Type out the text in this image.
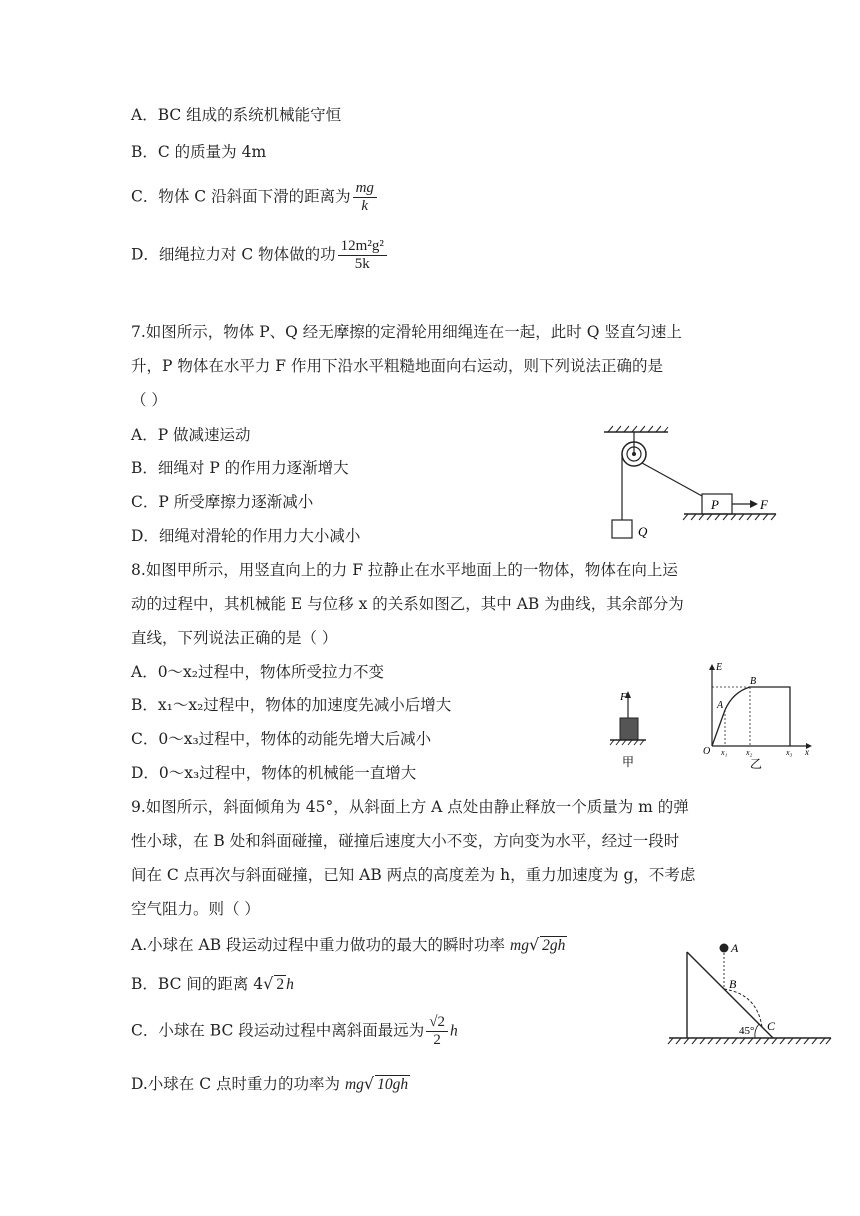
A．BC 组成的系统机械能守恒
B．C 的质量为 4m
C．物体 C 沿斜面下滑的距离为 $\frac{mg}{k}$
D．细绳拉力对 C 物体做的功 $\frac{\text{12m²g²}}{5k}$
7.如图所示，物体 P、Q 经无摩擦的定滑轮用细绳连在一起，此时 Q 竖直匀速上
升，P 物体在水平力 F 作用下沿水平粗糙地面向右运动，则下列说法正确的是
（ ）
A．P 做减速运动
B．细绳对 P 的作用力逐渐增大
C．P 所受摩擦力逐渐减小
D．细绳对滑轮的作用力大小减小	Q
P	F
8.如图甲所示，用竖直向上的力 F 拉静止在水平地面上的一物体，物体在向上运
动的过程中，其机械能 E 与位移 x 的关系如图乙，其中 AB 为曲线，其余部分为
直线，下列说法正确的是（ ）
A．0～x₂过程中，物体所受拉力不变
B．x₁～x₂过程中，物体的加速度先减小后增大
C．0～x₃过程中，物体的动能先增大后减小
D．0～x₃过程中，物体的机械能一直增大
F
甲
E
O
A
B
x₁ x₂	x₃ x
乙
9.如图所示，斜面倾角为 45°，从斜面上方 A 点处由静止释放一个质量为 m 的弹
性小球，在 B 处和斜面碰撞，碰撞后速度大小不变，方向变为水平，经过一段时
间在 C 点再次与斜面碰撞，已知 AB 两点的高度差为 h，重力加速度为 g，不考虑
空气阻力。则（ ）
A.小球在 AB 段运动过程中重力做功的最大的瞬时功率 mg√ 2gh
B．BC 间的距离 4√ 2 h
C．小球在 BC 段运动过程中离斜面最远为 $\frac{√2}{2}$ h
D.小球在 C 点时重力的功率为 mg√ 10gh
A
B
C
45°
